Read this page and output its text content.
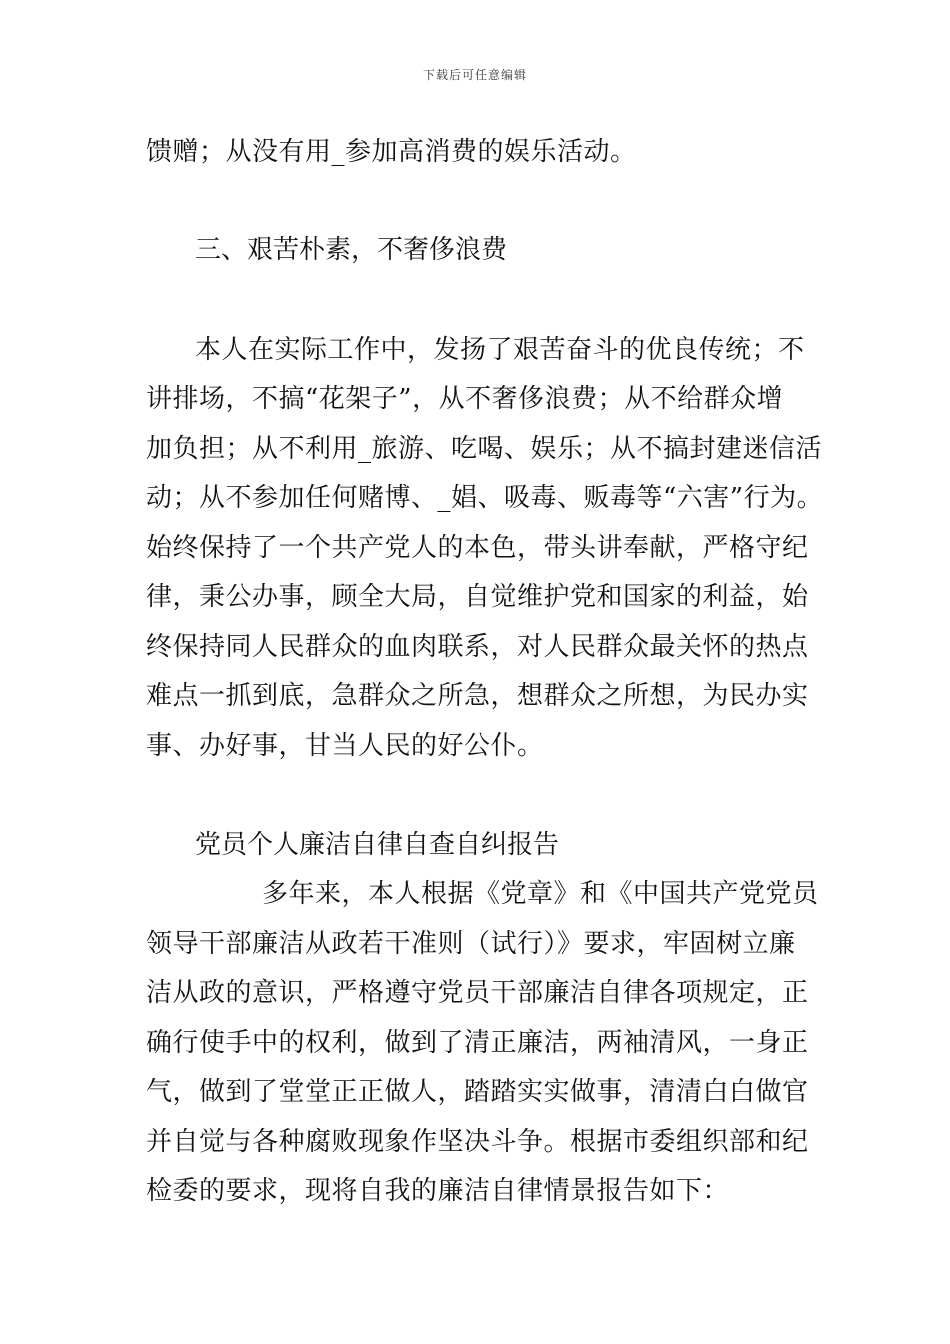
下载后可任意编辑
馈赠；从没有用_参加高消费的娱乐活动。
三、艰苦朴素，不奢侈浪费
本人在实际工作中，发扬了艰苦奋斗的优良传统；不
讲排场，不搞“花架子”，从不奢侈浪费；从不给群众增
加负担；从不利用_旅游、吃喝、娱乐；从不搞封建迷信活
动；从不参加任何赌博、_娼、吸毒、贩毒等“六害”行为。
始终保持了一个共产党人的本色，带头讲奉献，严格守纪
律，秉公办事，顾全大局，自觉维护党和国家的利益，始
终保持同人民群众的血肉联系，对人民群众最关怀的热点
难点一抓到底，急群众之所急，想群众之所想，为民办实
事、办好事，甘当人民的好公仆。
党员个人廉洁自律自查自纠报告
多年来，本人根据《党章》和《中国共产党党员
领导干部廉洁从政若干准则（试行）》要求，牢固树立廉
洁从政的意识，严格遵守党员干部廉洁自律各项规定，正
确行使手中的权利，做到了清正廉洁，两袖清风，一身正
气，做到了堂堂正正做人，踏踏实实做事，清清白白做官
并自觉与各种腐败现象作坚决斗争。根据市委组织部和纪
检委的要求，现将自我的廉洁自律情景报告如下：
